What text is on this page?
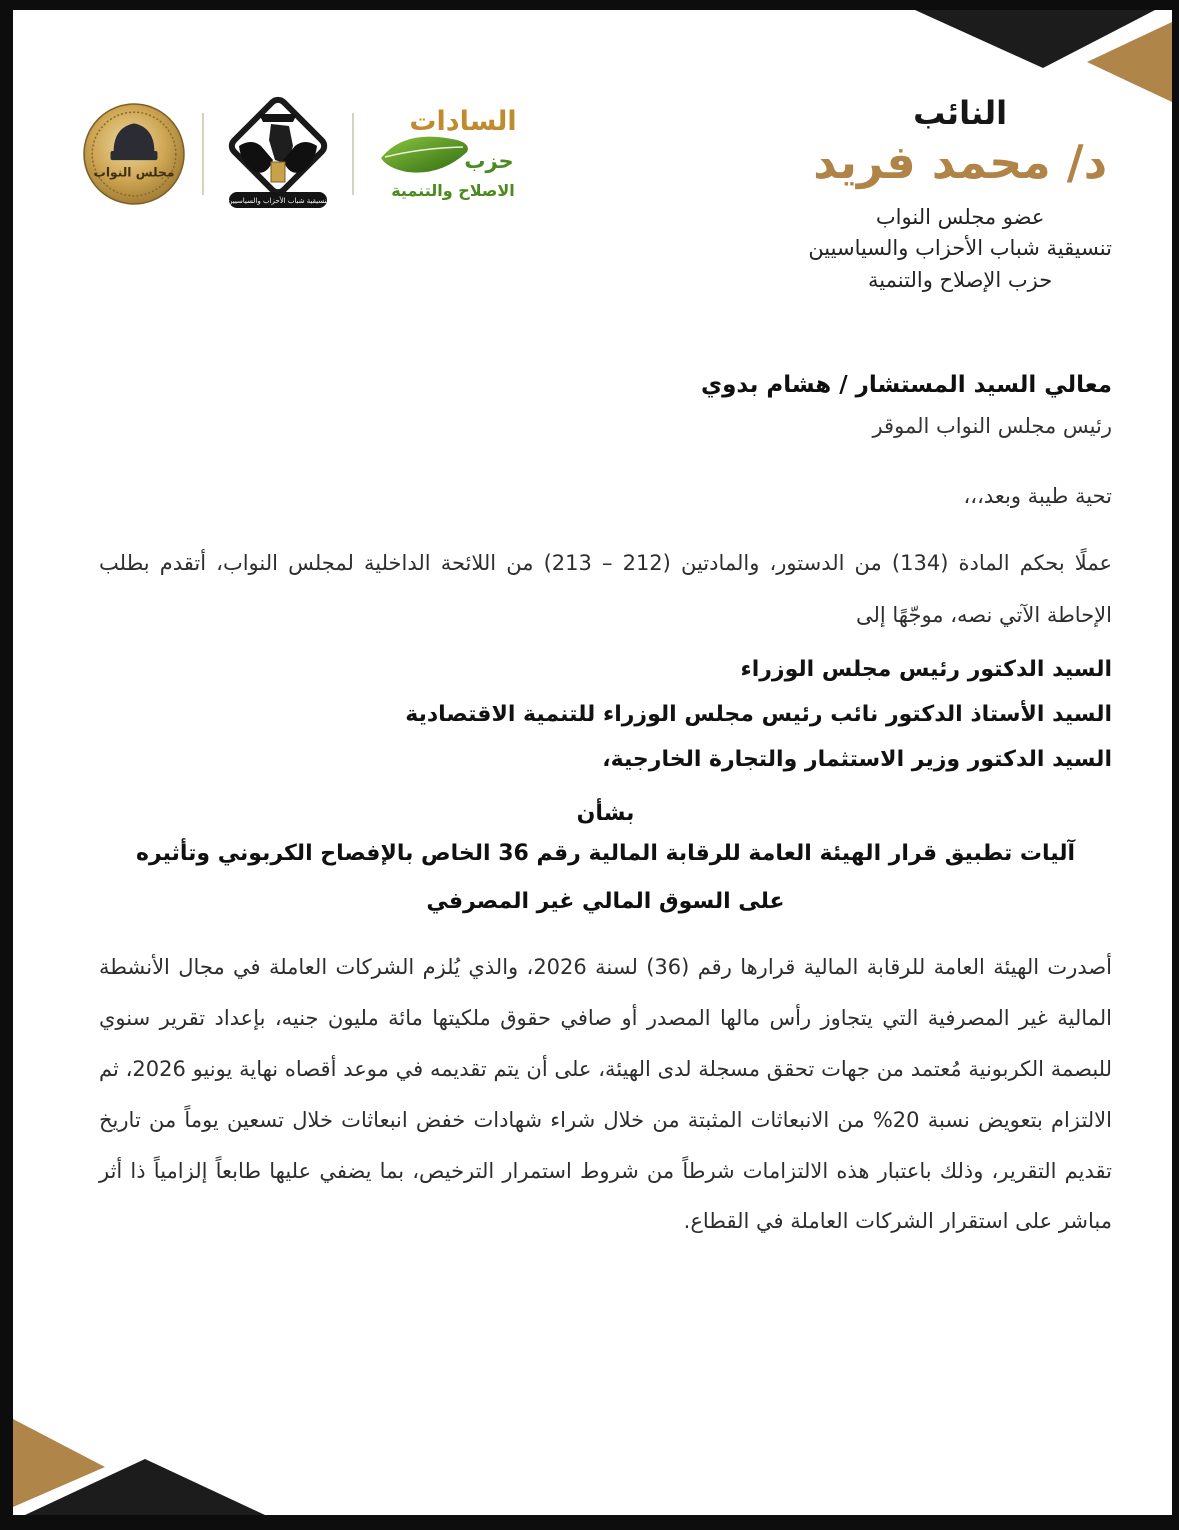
مجلس النواب
تنسيقية شباب الأحزاب والسياسيين
السادات
حزب
الاصلاح والتنمية
النائب
د/ محمد فريد
عضو مجلس النواب
تنسيقية شباب الأحزاب والسياسيين
حزب الإصلاح والتنمية
معالي السيد المستشار / هشام بدوي
رئيس مجلس النواب الموقر
تحية طيبة وبعد،،،
عملًا بحكم المادة (134) من الدستور، والمادتين (212 – 213) من اللائحة الداخلية لمجلس النواب، أتقدم بطلب الإحاطة الآتي نصه، موجّهًا إلى
السيد الدكتور رئيس مجلس الوزراء
السيد الأستاذ الدكتور نائب رئيس مجلس الوزراء للتنمية الاقتصادية
السيد الدكتور وزير الاستثمار والتجارة الخارجية،
بشأن
آليات تطبيق قرار الهيئة العامة للرقابة المالية رقم 36 الخاص بالإفصاح الكربوني وتأثيره على السوق المالي غير المصرفي
أصدرت الهيئة العامة للرقابة المالية قرارها رقم (36) لسنة 2026، والذي يُلزم الشركات العاملة في مجال الأنشطة المالية غير المصرفية التي يتجاوز رأس مالها المصدر أو صافي حقوق ملكيتها مائة مليون جنيه، بإعداد تقرير سنوي للبصمة الكربونية مُعتمد من جهات تحقق مسجلة لدى الهيئة، على أن يتم تقديمه في موعد أقصاه نهاية يونيو 2026، ثم الالتزام بتعويض نسبة 20% من الانبعاثات المثبتة من خلال شراء شهادات خفض انبعاثات خلال تسعين يوماً من تاريخ تقديم التقرير، وذلك باعتبار هذه الالتزامات شرطاً من شروط استمرار الترخيص، بما يضفي عليها طابعاً إلزامياً ذا أثر مباشر على استقرار الشركات العاملة في القطاع.
